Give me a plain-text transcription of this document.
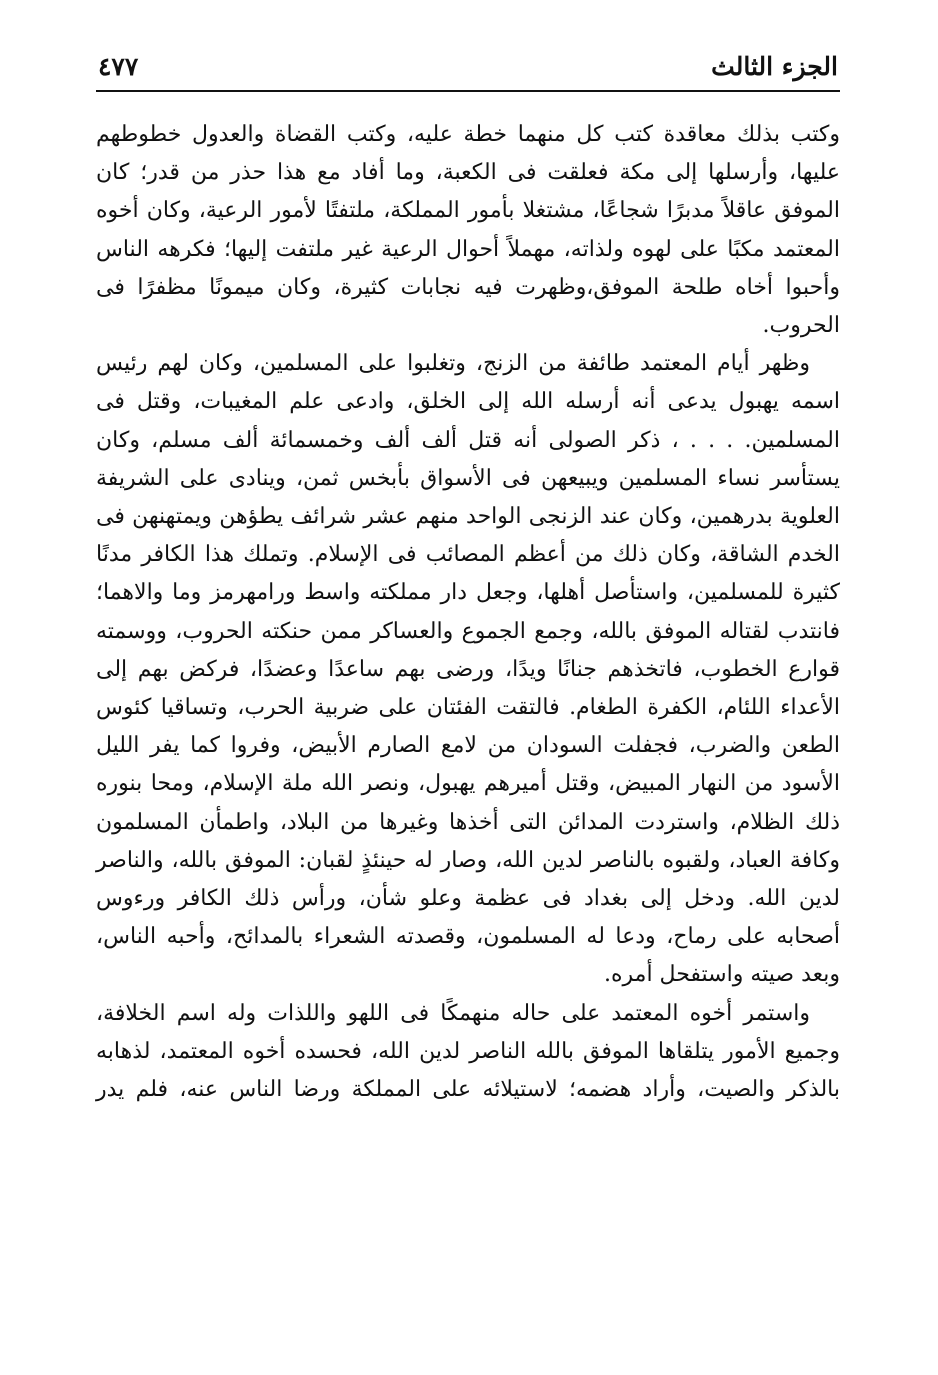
الجزء الثالث
٤٧٧

وكتب بذلك معاقدة كتب كل منهما خطة عليه، وكتب القضاة والعدول خطوطهم عليها، وأرسلها إلى مكة فعلقت فى الكعبة، وما أفاد مع هذا حذر من قدر؛ كان الموفق عاقلاً مدبرًا شجاعًا، مشتغلا بأمور المملكة، ملتفتًا لأمور الرعية، وكان أخوه المعتمد مكبًا على لهوه ولذاته، مهملاً أحوال الرعية غير ملتفت إليها؛ فكرهه الناس وأحبوا أخاه طلحة الموفق،وظهرت فيه نجابات كثيرة، وكان ميمونًا مظفرًا فى الحروب.

وظهر أيام المعتمد طائفة من الزنج، وتغلبوا على المسلمين، وكان لهم رئيس اسمه يهبول يدعى أنه أرسله الله إلى الخلق، وادعى علم المغيبات، وقتل فى المسلمين. . . . ، ذكر الصولى أنه قتل ألف ألف وخمسمائة ألف مسلم، وكان يستأسر نساء المسلمين ويبيعهن فى الأسواق بأبخس ثمن، وينادى على الشريفة العلوية بدرهمين، وكان عند الزنجى الواحد منهم عشر شرائف يطؤهن ويمتهنهن فى الخدم الشاقة، وكان ذلك من أعظم المصائب فى الإسلام. وتملك هذا الكافر مدنًا كثيرة للمسلمين، واستأصل أهلها، وجعل دار مملكته واسط ورامهرمز وما والاهما؛ فانتدب لقتاله الموفق بالله، وجمع الجموع والعساكر ممن حنكته الحروب، ووسمته قوارع الخطوب، فاتخذهم جنانًا ويدًا، ورضى بهم ساعدًا وعضدًا، فركض بهم إلى الأعداء اللئام، الكفرة الطغام. فالتقت الفئتان على ضربية الحرب، وتساقيا كئوس الطعن والضرب، فجفلت السودان من لامع الصارم الأبيض، وفروا كما يفر الليل الأسود من النهار المبيض، وقتل أميرهم يهبول، ونصر الله ملة الإسلام، ومحا بنوره ذلك الظلام، واستردت المدائن التى أخذها وغيرها من البلاد، واطمأن المسلمون وكافة العباد، ولقبوه بالناصر لدين الله، وصار له حينئذٍ لقبان: الموفق بالله، والناصر لدين الله. ودخل إلى بغداد فى عظمة وعلو شأن، ورأس ذلك الكافر ورءوس أصحابه على رماح، ودعا له المسلمون، وقصدته الشعراء بالمدائح، وأحبه الناس، وبعد صيته واستفحل أمره.

واستمر أخوه المعتمد على حاله منهمكًا فى اللهو واللذات وله اسم الخلافة، وجميع الأمور يتلقاها الموفق بالله الناصر لدين الله، فحسده أخوه المعتمد، لذهابه بالذكر والصيت، وأراد هضمه؛ لاستيلائه على المملكة ورضا الناس عنه، فلم يدر
